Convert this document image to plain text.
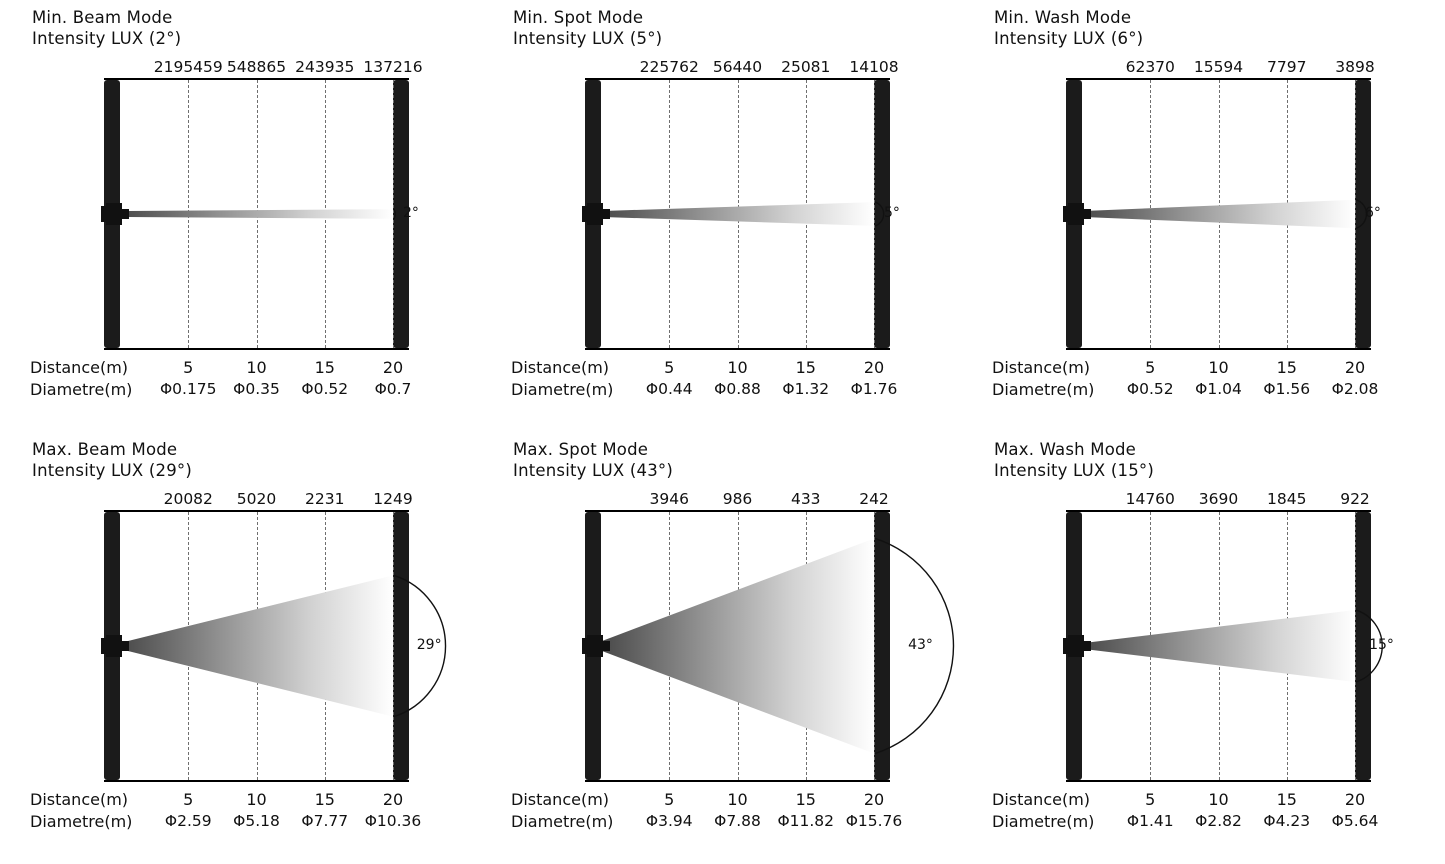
Min. Beam Mode
Intensity LUX (2°)
2195459 548865 243935 137216
2°
Distance(m)	5	10	15	20
Diametre(m) Φ0.175 Φ0.35 Φ0.52 Φ0.7
Min. Spot Mode
Intensity LUX (5°)
225762 56440 25081 14108
5°
Distance(m)	5	10	15	20
Diametre(m) Φ0.44 Φ0.88 Φ1.32 Φ1.76
Min. Wash Mode
Intensity LUX (6°)
62370 15594 7797 3898
6°
Distance(m)	5	10	15	20
Diametre(m) Φ0.52 Φ1.04 Φ1.56 Φ2.08
Max. Beam Mode
Intensity LUX (29°)
20082 5020 2231 1249
29°
Distance(m)	5	10	15	20
Diametre(m) Φ2.59 Φ5.18 Φ7.77 Φ10.36
Max. Spot Mode
Intensity LUX (43°)
3946 986 433 242
43°
Distance(m)	5	10	15	20
Diametre(m) Φ3.94 Φ7.88 Φ11.82 Φ15.76
Max. Wash Mode
Intensity LUX (15°)
14760 3690 1845 922
15°
Distance(m)	5	10	15	20
Diametre(m) Φ1.41 Φ2.82 Φ4.23 Φ5.64
